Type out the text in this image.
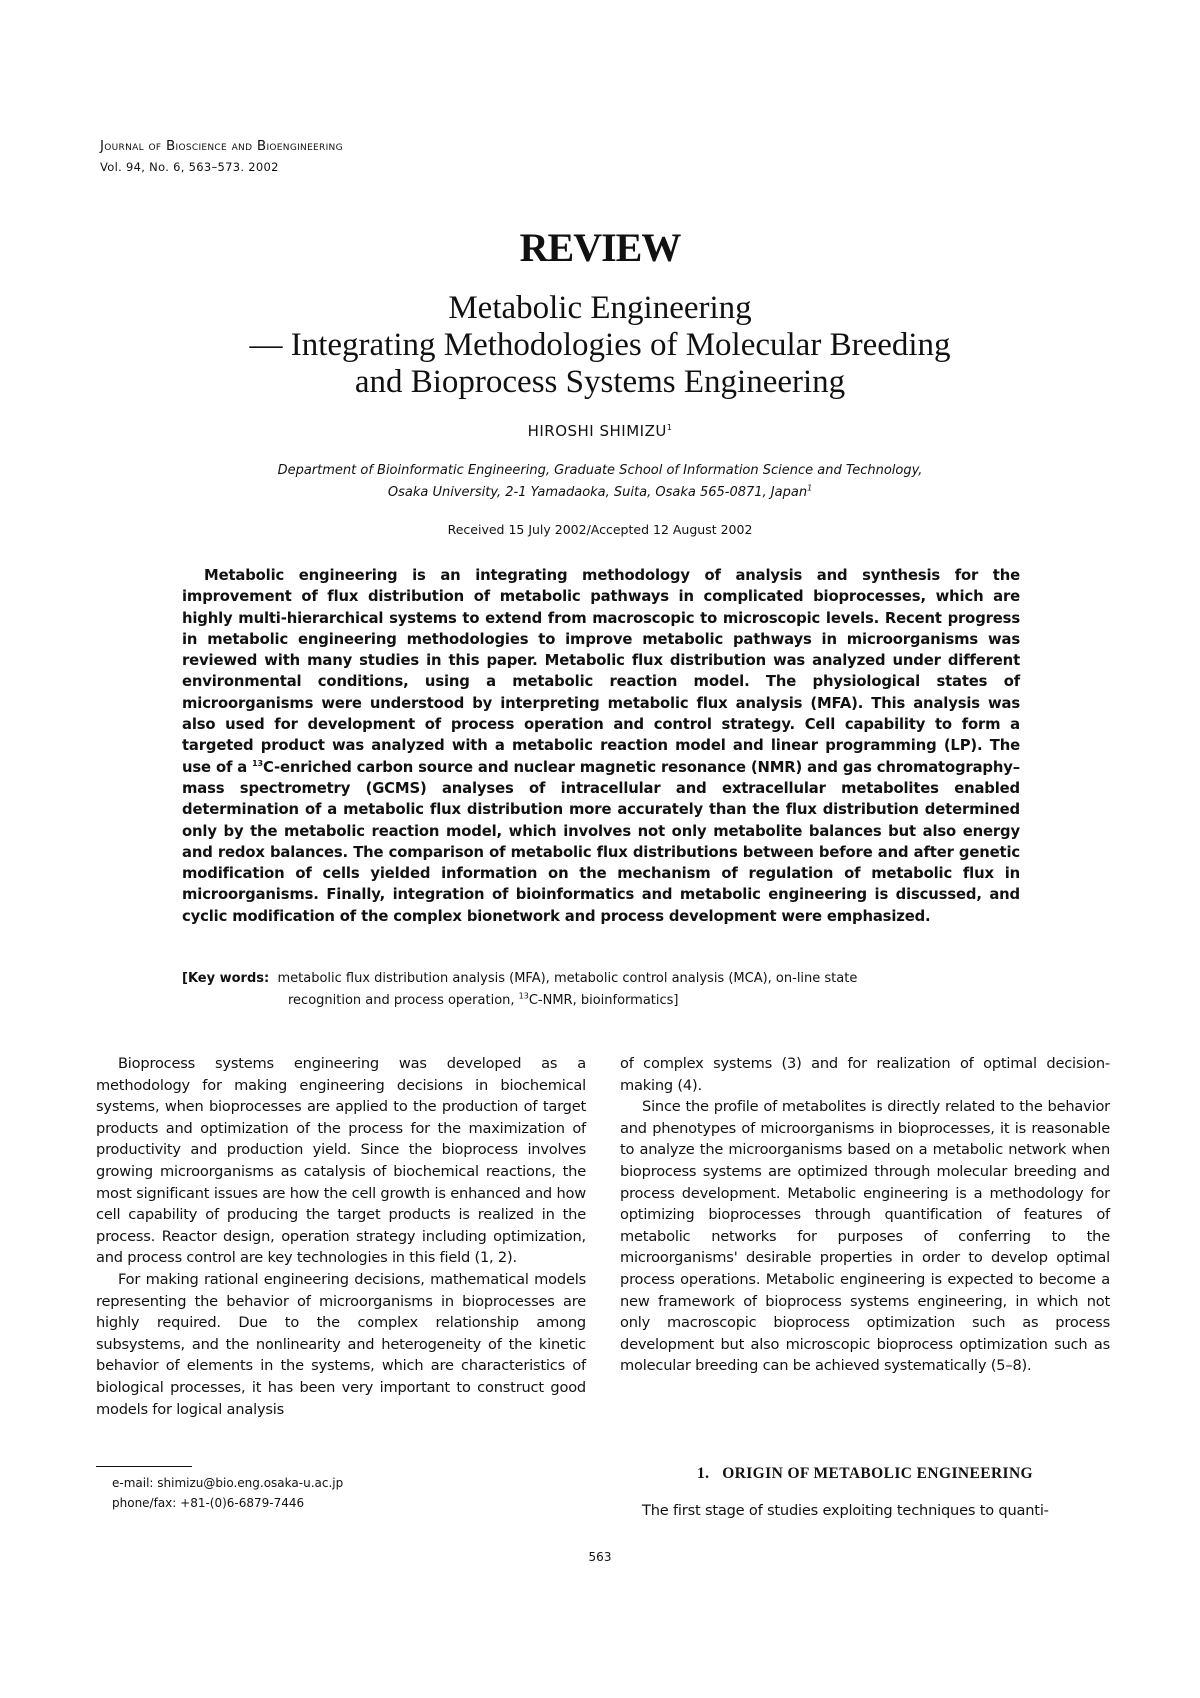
Journal of Bioscience and Bioengineering
Vol. 94, No. 6, 563–573. 2002
REVIEW
Metabolic Engineering
— Integrating Methodologies of Molecular Breeding
and Bioprocess Systems Engineering
HIROSHI SHIMIZU$^1$
Department of Bioinformatic Engineering, Graduate School of Information Science and Technology,
Osaka University, 2-1 Yamadaoka, Suita, Osaka 565-0871, Japan$^1$
Received 15 July 2002/Accepted 12 August 2002

Metabolic engineering is an integrating methodology of analysis and synthesis for the improvement of flux distribution of metabolic pathways in complicated bioprocesses, which are highly multi-hierarchical systems to extend from macroscopic to microscopic levels. Recent progress in metabolic engineering methodologies to improve metabolic pathways in microorganisms was reviewed with many studies in this paper. Metabolic flux distribution was analyzed under different environmental conditions, using a metabolic reaction model. The physiological states of microorganisms were understood by interpreting metabolic flux analysis (MFA). This analysis was also used for development of process operation and control strategy. Cell capability to form a targeted product was analyzed with a metabolic reaction model and linear programming (LP). The use of a $^{13}$C-enriched carbon source and nuclear magnetic resonance (NMR) and gas chromatography–mass spectrometry (GCMS) analyses of intracellular and extracellular metabolites enabled determination of a metabolic flux distribution more accurately than the flux distribution determined only by the metabolic reaction model, which involves not only metabolite balances but also energy and redox balances. The comparison of metabolic flux distributions between before and after genetic modification of cells yielded information on the mechanism of regulation of metabolic flux in microorganisms. Finally, integration of bioinformatics and metabolic engineering is discussed, and cyclic modification of the complex bionetwork and process development were emphasized.

[Key words: metabolic flux distribution analysis (MFA), metabolic control analysis (MCA), on-line state
recognition and process operation, $^{13}$C-NMR, bioinformatics]

Bioprocess systems engineering was developed as a methodology for making engineering decisions in biochemical systems, when bioprocesses are applied to the production of target products and optimization of the process for the maximization of productivity and production yield. Since the bioprocess involves growing microorganisms as catalysis of biochemical reactions, the most significant issues are how the cell growth is enhanced and how cell capability of producing the target products is realized in the process. Reactor design, operation strategy including optimization, and process control are key technologies in this field (1, 2).

For making rational engineering decisions, mathematical models representing the behavior of microorganisms in bioprocesses are highly required. Due to the complex relationship among subsystems, and the nonlinearity and heterogeneity of the kinetic behavior of elements in the systems, which are characteristics of biological processes, it has been very important to construct good models for logical analysis

of complex systems (3) and for realization of optimal decision-making (4).

Since the profile of metabolites is directly related to the behavior and phenotypes of microorganisms in bioprocesses, it is reasonable to analyze the microorganisms based on a metabolic network when bioprocess systems are optimized through molecular breeding and process development. Metabolic engineering is a methodology for optimizing bioprocesses through quantification of features of metabolic networks for purposes of conferring to the microorganisms' desirable properties in order to develop optimal process operations. Metabolic engineering is expected to become a new framework of bioprocess systems engineering, in which not only macroscopic bioprocess optimization such as process development but also microscopic bioprocess optimization such as molecular breeding can be achieved systematically (5–8).

1.   ORIGIN OF METABOLIC ENGINEERING
The first stage of studies exploiting techniques to quanti-
e-mail: shimizu@bio.eng.osaka-u.ac.jp
phone/fax: +81-(0)6-6879-7446
563
